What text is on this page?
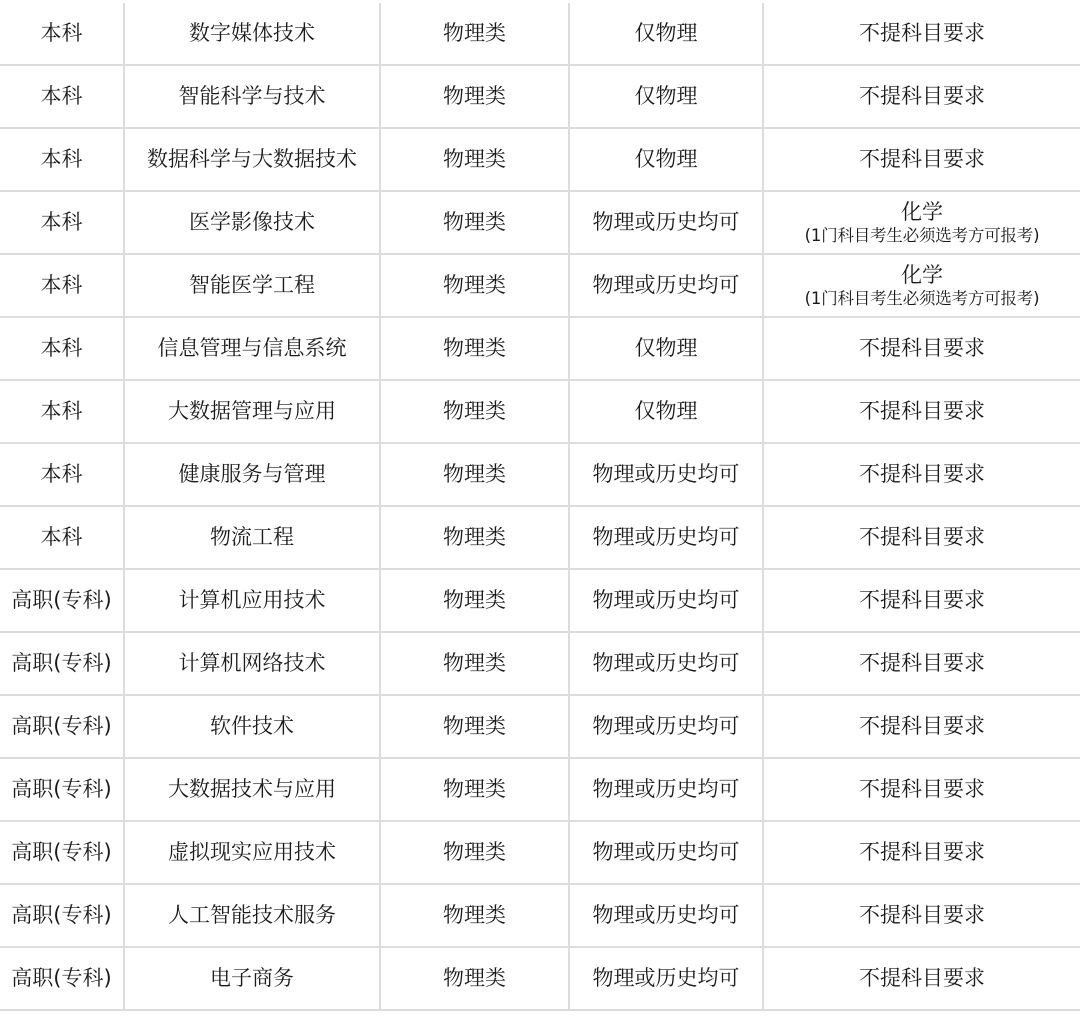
本科	数字媒体技术	物理类	仅物理	不提科目要求

本科	智能科学与技术	物理类	仅物理	不提科目要求

本科	数据科学与大数据技术	物理类	仅物理	不提科目要求

本科	医学影像技术	物理类	物理或历史均可	化学
(1门科目考生必须选考方可报考)

本科	智能医学工程	物理类	物理或历史均可	化学
(1门科目考生必须选考方可报考)

本科	信息管理与信息系统	物理类	仅物理	不提科目要求

本科	大数据管理与应用	物理类	仅物理	不提科目要求

本科	健康服务与管理	物理类	物理或历史均可	不提科目要求

本科	物流工程	物理类	物理或历史均可	不提科目要求

高职(专科)	计算机应用技术	物理类	物理或历史均可	不提科目要求

高职(专科)	计算机网络技术	物理类	物理或历史均可	不提科目要求

高职(专科)	软件技术	物理类	物理或历史均可	不提科目要求

高职(专科)	大数据技术与应用	物理类	物理或历史均可	不提科目要求

高职(专科)	虚拟现实应用技术	物理类	物理或历史均可	不提科目要求

高职(专科)	人工智能技术服务	物理类	物理或历史均可	不提科目要求

高职(专科)	电子商务	物理类	物理或历史均可	不提科目要求
